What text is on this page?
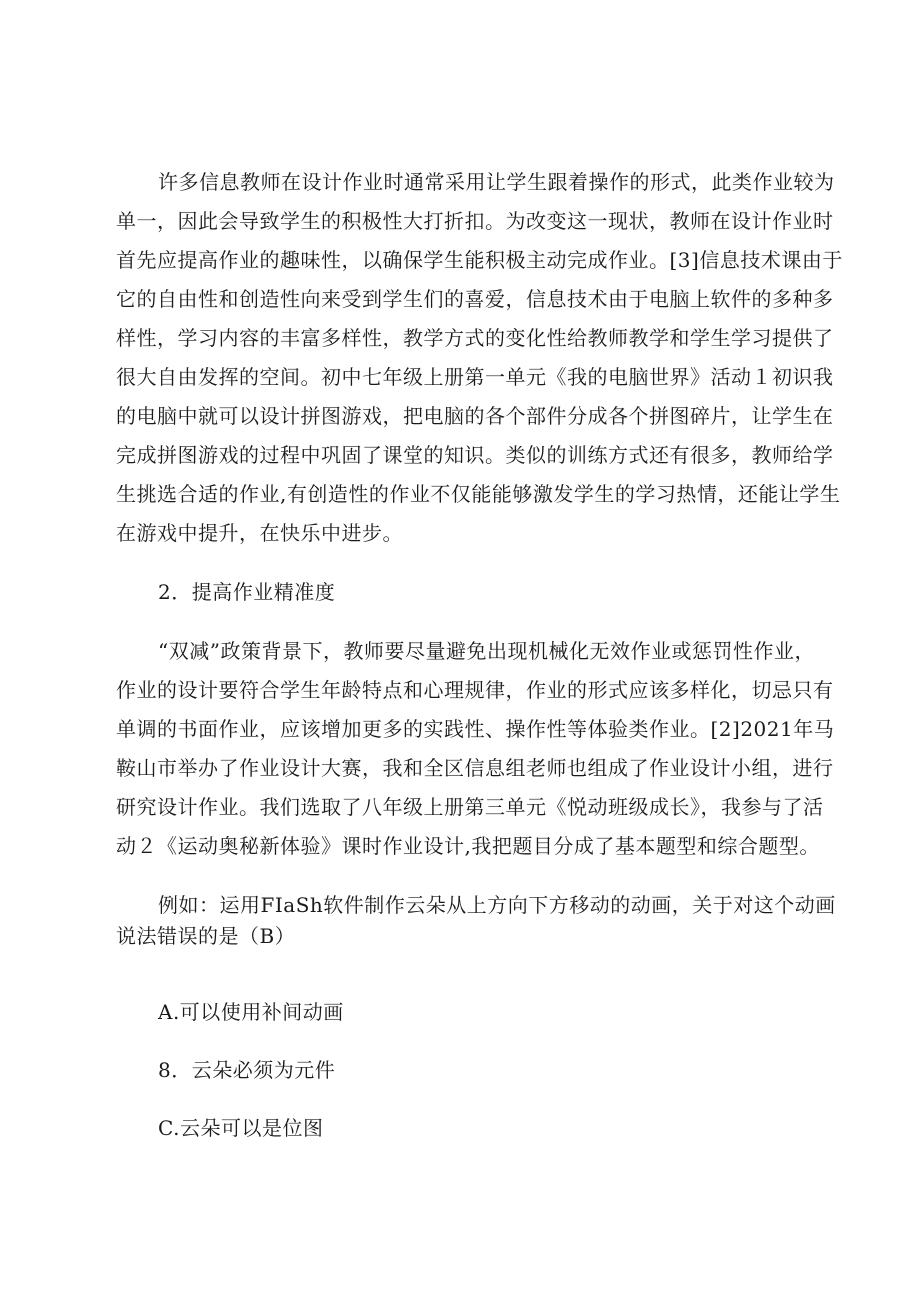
许多信息教师在设计作业时通常采用让学生跟着操作的形式，此类作业较为
单一，因此会导致学生的积极性大打折扣。为改变这一现状，教师在设计作业时
首先应提高作业的趣味性，以确保学生能积极主动完成作业。[3]信息技术课由于
它的自由性和创造性向来受到学生们的喜爱，信息技术由于电脑上软件的多种多
样性，学习内容的丰富多样性，教学方式的变化性给教师教学和学生学习提供了
很大自由发挥的空间。初中七年级上册第一单元《我的电脑世界》活动１初识我
的电脑中就可以设计拼图游戏，把电脑的各个部件分成各个拼图碎片，让学生在
完成拼图游戏的过程中巩固了课堂的知识。类似的训练方式还有很多，教师给学
生挑选合适的作业,有创造性的作业不仅能能够激发学生的学习热情，还能让学生
在游戏中提升，在快乐中进步。
2．提高作业精准度
“双减”政策背景下，教师要尽量避免出现机械化无效作业或惩罚性作业，
作业的设计要符合学生年龄特点和心理规律，作业的形式应该多样化，切忌只有
单调的书面作业，应该增加更多的实践性、操作性等体验类作业。[2]2021年马
鞍山市举办了作业设计大赛，我和全区信息组老师也组成了作业设计小组，进行
研究设计作业。我们选取了八年级上册第三单元《悦动班级成长》，我参与了活
动２《运动奥秘新体验》课时作业设计,我把题目分成了基本题型和综合题型。
例如：运用FIaSh软件制作云朵从上方向下方移动的动画，关于对这个动画
说法错误的是（B）
A.可以使用补间动画
8．云朵必须为元件
C.云朵可以是位图
